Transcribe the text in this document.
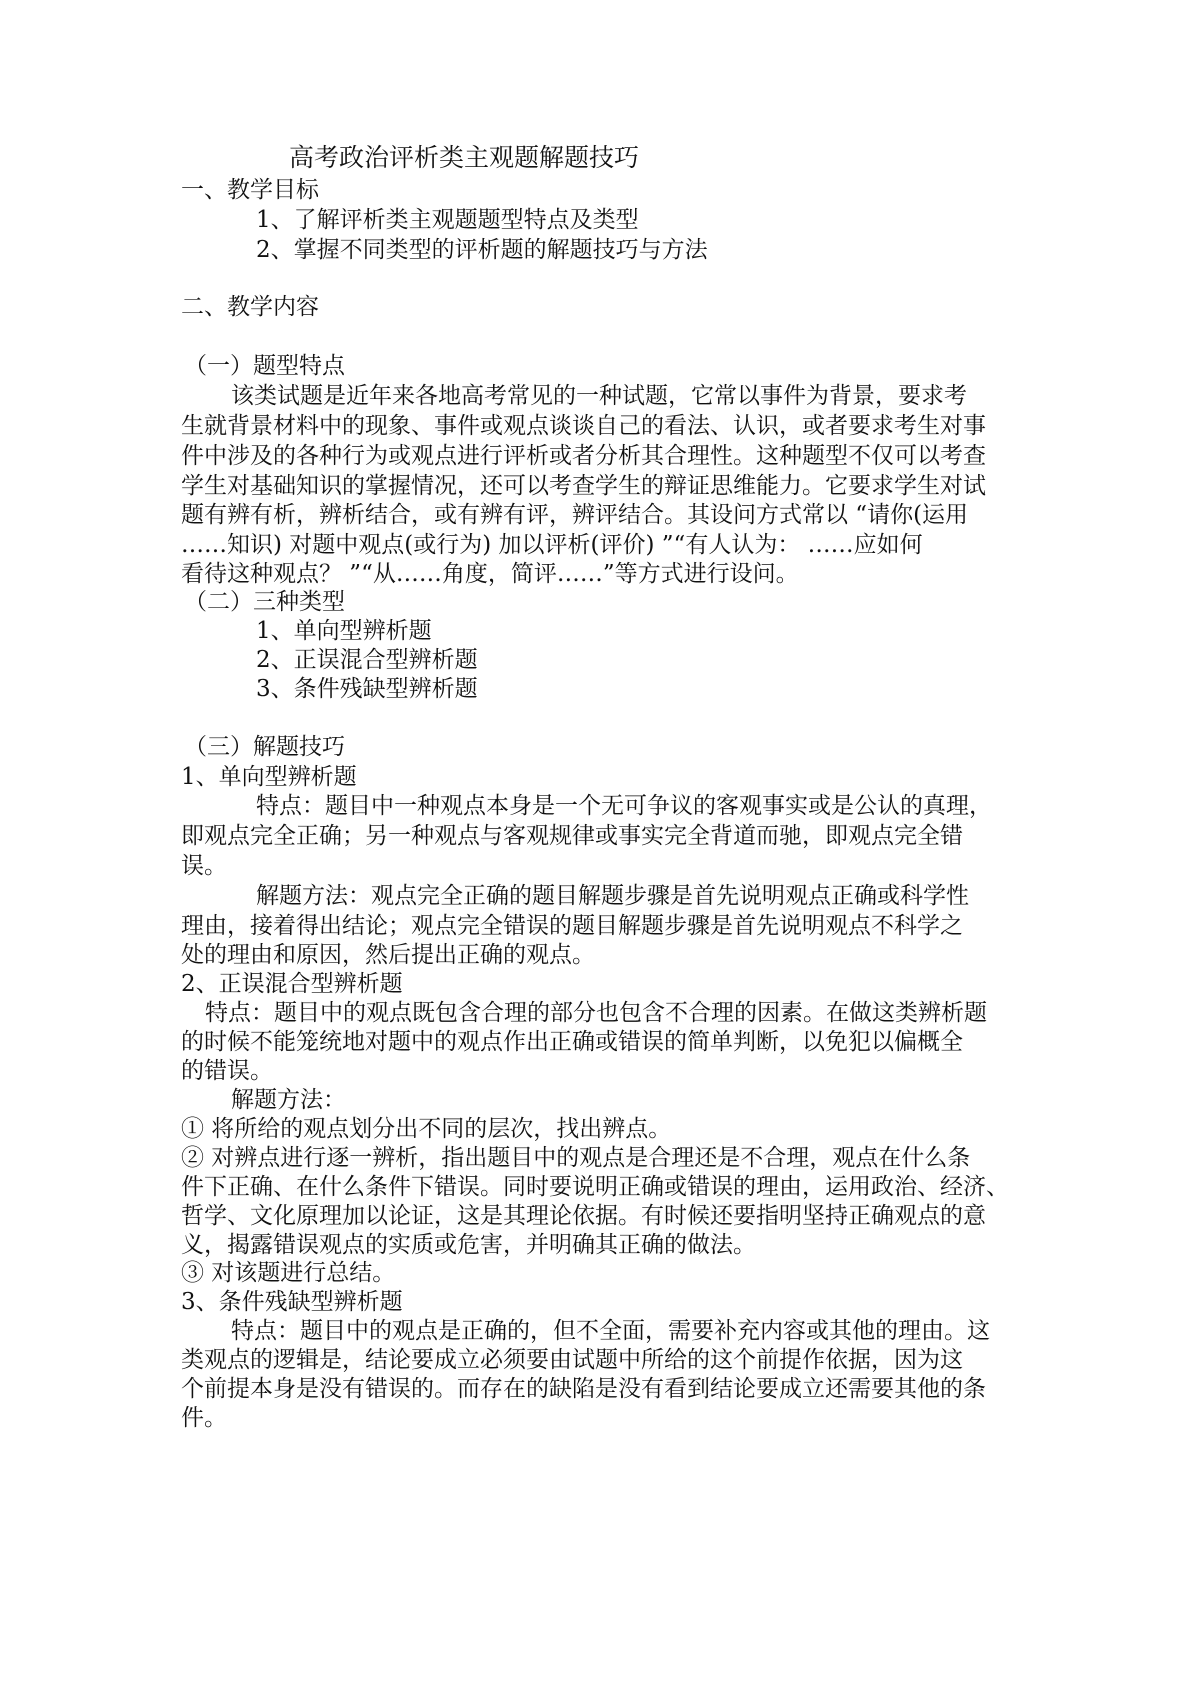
高考政治评析类主观题解题技巧

一、教学目标

1、了解评析类主观题题型特点及类型

2、掌握不同类型的评析题的解题技巧与方法

二、教学内容

（一）题型特点

该类试题是近年来各地高考常见的一种试题，它常以事件为背景，要求考

生就背景材料中的现象、事件或观点谈谈自己的看法、认识，或者要求考生对事

件中涉及的各种行为或观点进行评析或者分析其合理性。这种题型不仅可以考查

学生对基础知识的掌握情况，还可以考查学生的辩证思维能力。它要求学生对试

题有辨有析，辨析结合，或有辨有评，辨评结合。其设问方式常以 “请你(运用

……知识) 对题中观点(或行为) 加以评析(评价) ”“有人认为： ……应如何

看待这种观点？ ”“从……角度，简评……”等方式进行设问。

（二）三种类型

1、单向型辨析题

2、正误混合型辨析题

3、条件残缺型辨析题

（三）解题技巧

1、单向型辨析题

特点：题目中一种观点本身是一个无可争议的客观事实或是公认的真理，

即观点完全正确；另一种观点与客观规律或事实完全背道而驰，即观点完全错

误。

解题方法：观点完全正确的题目解题步骤是首先说明观点正确或科学性

理由，接着得出结论；观点完全错误的题目解题步骤是首先说明观点不科学之

处的理由和原因，然后提出正确的观点。

2、正误混合型辨析题

特点：题目中的观点既包含合理的部分也包含不合理的因素。在做这类辨析题

的时候不能笼统地对题中的观点作出正确或错误的简单判断，以免犯以偏概全

的错误。

解题方法：

① 将所给的观点划分出不同的层次，找出辨点。

② 对辨点进行逐一辨析，指出题目中的观点是合理还是不合理，观点在什么条

件下正确、在什么条件下错误。同时要说明正确或错误的理由，运用政治、经济、

哲学、文化原理加以论证，这是其理论依据。有时候还要指明坚持正确观点的意

义，揭露错误观点的实质或危害，并明确其正确的做法。

③ 对该题进行总结。

3、条件残缺型辨析题

特点：题目中的观点是正确的，但不全面，需要补充内容或其他的理由。这

类观点的逻辑是，结论要成立必须要由试题中所给的这个前提作依据，因为这

个前提本身是没有错误的。而存在的缺陷是没有看到结论要成立还需要其他的条

件。
